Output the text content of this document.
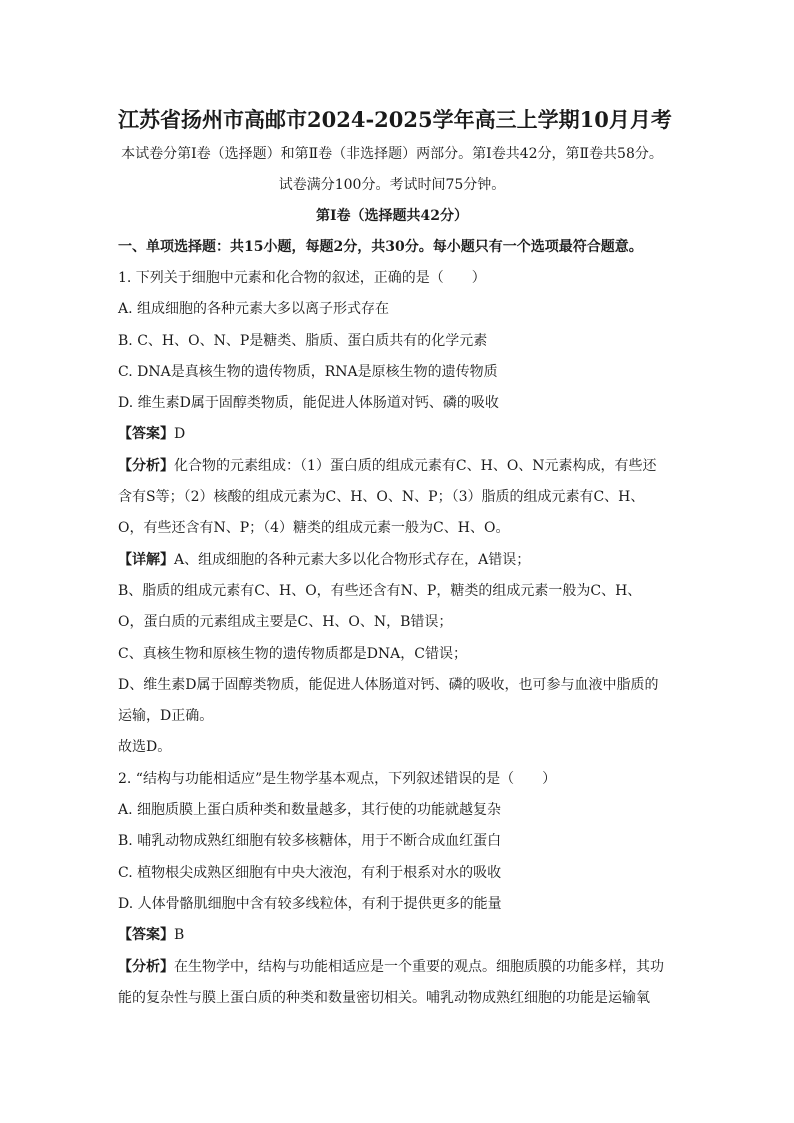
江苏省扬州市高邮市2024-2025学年高三上学期10月月考

本试卷分第Ⅰ卷（选择题）和第Ⅱ卷（非选择题）两部分。第Ⅰ卷共42分，第Ⅱ卷共58分。试卷满分100分。考试时间75分钟。

第Ⅰ卷（选择题共42分）

一、单项选择题：共15小题，每题2分，共30分。每小题只有一个选项最符合题意。

1. 下列关于细胞中元素和化合物的叙述，正确的是（　　）

A. 组成细胞的各种元素大多以离子形式存在

B. C、H、O、N、P是糖类、脂质、蛋白质共有的化学元素

C. DNA是真核生物的遗传物质，RNA是原核生物的遗传物质

D. 维生素D属于固醇类物质，能促进人体肠道对钙、磷的吸收

【答案】D

【分析】化合物的元素组成：（1）蛋白质的组成元素有C、H、O、N元素构成，有些还含有S等；（2）核酸的组成元素为C、H、O、N、P；（3）脂质的组成元素有C、H、O，有些还含有N、P；（4）糖类的组成元素一般为C、H、O。

【详解】A、组成细胞的各种元素大多以化合物形式存在，A错误；

B、脂质的组成元素有C、H、O，有些还含有N、P，糖类的组成元素一般为C、H、O，蛋白质的元素组成主要是C、H、O、N，B错误；

C、真核生物和原核生物的遗传物质都是DNA，C错误；

D、维生素D属于固醇类物质，能促进人体肠道对钙、磷的吸收，也可参与血液中脂质的运输，D正确。

故选D。

2. “结构与功能相适应”是生物学基本观点，下列叙述错误的是（　　）

A. 细胞质膜上蛋白质种类和数量越多，其行使的功能就越复杂

B. 哺乳动物成熟红细胞有较多核糖体，用于不断合成血红蛋白

C. 植物根尖成熟区细胞有中央大液泡，有利于根系对水的吸收

D. 人体骨骼肌细胞中含有较多线粒体，有利于提供更多的能量

【答案】B

【分析】在生物学中，结构与功能相适应是一个重要的观点。细胞质膜的功能多样，其功能的复杂性与膜上蛋白质的种类和数量密切相关。哺乳动物成熟红细胞的功能是运输氧
